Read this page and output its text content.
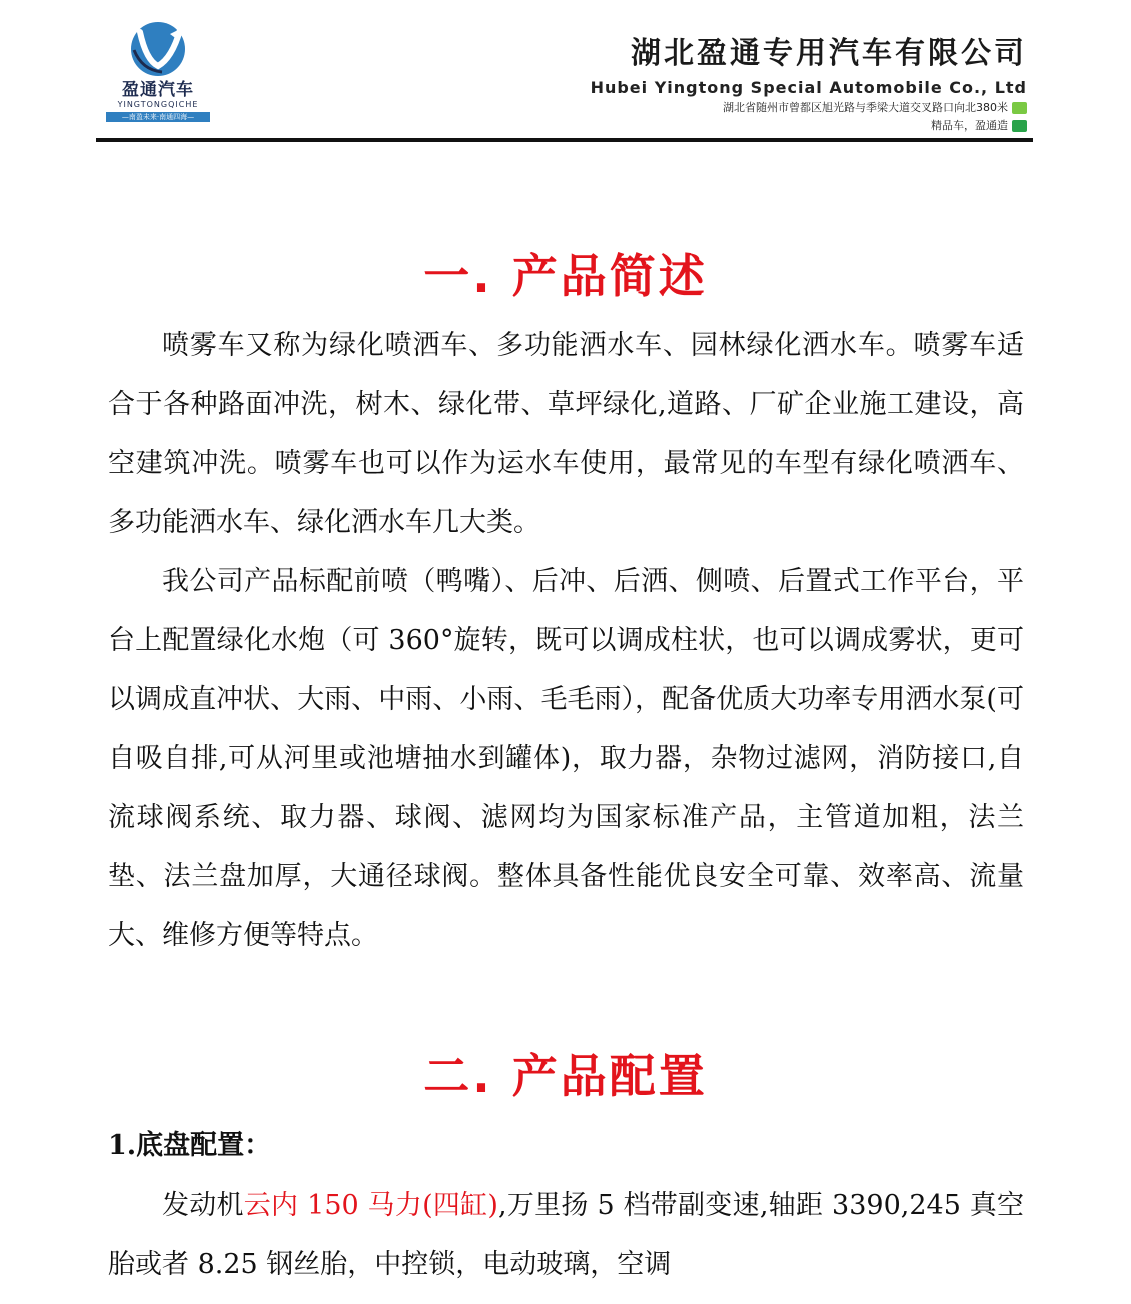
盈通汽车
YINGTONGQICHE
—南盈未来·南通四海—
湖北盈通专用汽车有限公司
Hubei Yingtong Special Automobile Co., Ltd
湖北省随州市曾都区旭光路与季梁大道交叉路口向北380米
精品车，盈通造
一. 产品简述

喷雾车又称为绿化喷洒车、多功能洒水车、园林绿化洒水车。喷雾车适合于各种路面冲洗，树木、绿化带、草坪绿化,道路、厂矿企业施工建设，高空建筑冲洗。喷雾车也可以作为运水车使用，最常见的车型有绿化喷洒车、多功能洒水车、绿化洒水车几大类。

我公司产品标配前喷（鸭嘴）、后冲、后洒、侧喷、后置式工作平台，平台上配置绿化水炮（可 360°旋转，既可以调成柱状，也可以调成雾状，更可以调成直冲状、大雨、中雨、小雨、毛毛雨），配备优质大功率专用洒水泵(可自吸自排,可从河里或池塘抽水到罐体)，取力器，杂物过滤网，消防接口,自流球阀系统、取力器、球阀、滤网均为国家标准产品，主管道加粗，法兰垫、法兰盘加厚，大通径球阀。整体具备性能优良安全可靠、效率高、流量大、维修方便等特点。

二. 产品配置
1.底盘配置：

发动机云内 150 马力(四缸),万里扬 5 档带副变速,轴距 3390,245 真空胎或者 8.25 钢丝胎，中控锁，电动玻璃，空调
